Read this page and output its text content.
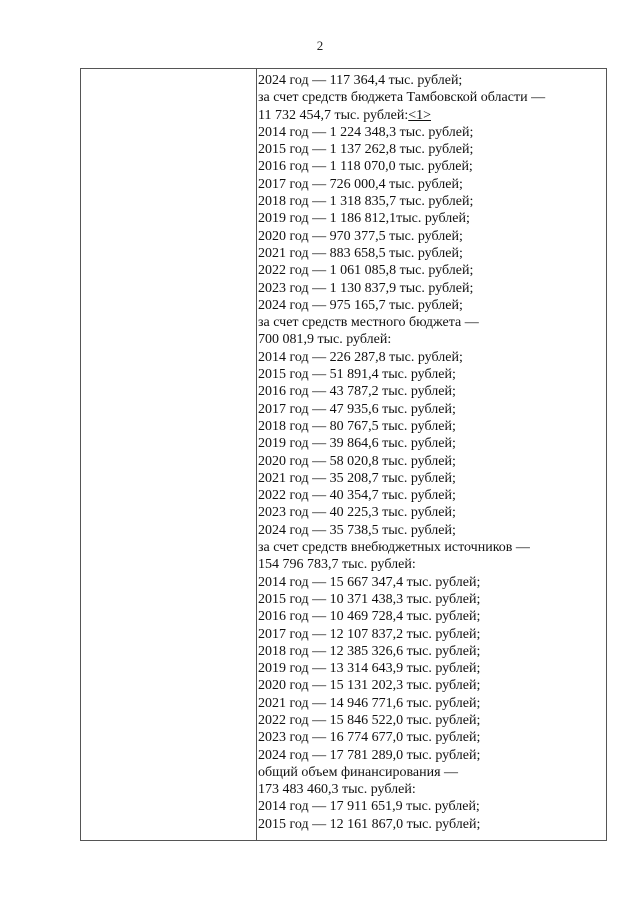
2
2024 год — 117 364,4 тыс. рублей;
за счет средств бюджета Тамбовской области —
11 732 454,7 тыс. рублей:<1>
2014 год — 1 224 348,3 тыс. рублей;
2015 год — 1 137 262,8 тыс. рублей;
2016 год — 1 118 070,0 тыс. рублей;
2017 год — 726 000,4 тыс. рублей;
2018 год — 1 318 835,7 тыс. рублей;
2019 год — 1 186 812,1тыс. рублей;
2020 год — 970 377,5 тыс. рублей;
2021 год — 883 658,5 тыс. рублей;
2022 год — 1 061 085,8 тыс. рублей;
2023 год — 1 130 837,9 тыс. рублей;
2024 год — 975 165,7 тыс. рублей;
за счет средств местного бюджета —
700 081,9 тыс. рублей:
2014 год — 226 287,8 тыс. рублей;
2015 год — 51 891,4 тыс. рублей;
2016 год — 43 787,2 тыс. рублей;
2017 год — 47 935,6 тыс. рублей;
2018 год — 80 767,5 тыс. рублей;
2019 год — 39 864,6 тыс. рублей;
2020 год — 58 020,8 тыс. рублей;
2021 год — 35 208,7 тыс. рублей;
2022 год — 40 354,7 тыс. рублей;
2023 год — 40 225,3 тыс. рублей;
2024 год — 35 738,5 тыс. рублей;
за счет средств внебюджетных источников —
154 796 783,7 тыс. рублей:
2014 год — 15 667 347,4 тыс. рублей;
2015 год — 10 371 438,3 тыс. рублей;
2016 год — 10 469 728,4 тыс. рублей;
2017 год — 12 107 837,2 тыс. рублей;
2018 год — 12 385 326,6 тыс. рублей;
2019 год — 13 314 643,9 тыс. рублей;
2020 год — 15 131 202,3 тыс. рублей;
2021 год — 14 946 771,6 тыс. рублей;
2022 год — 15 846 522,0 тыс. рублей;
2023 год — 16 774 677,0 тыс. рублей;
2024 год — 17 781 289,0 тыс. рублей;
общий объем финансирования —
173 483 460,3 тыс. рублей:
2014 год — 17 911 651,9 тыс. рублей;
2015 год — 12 161 867,0 тыс. рублей;
